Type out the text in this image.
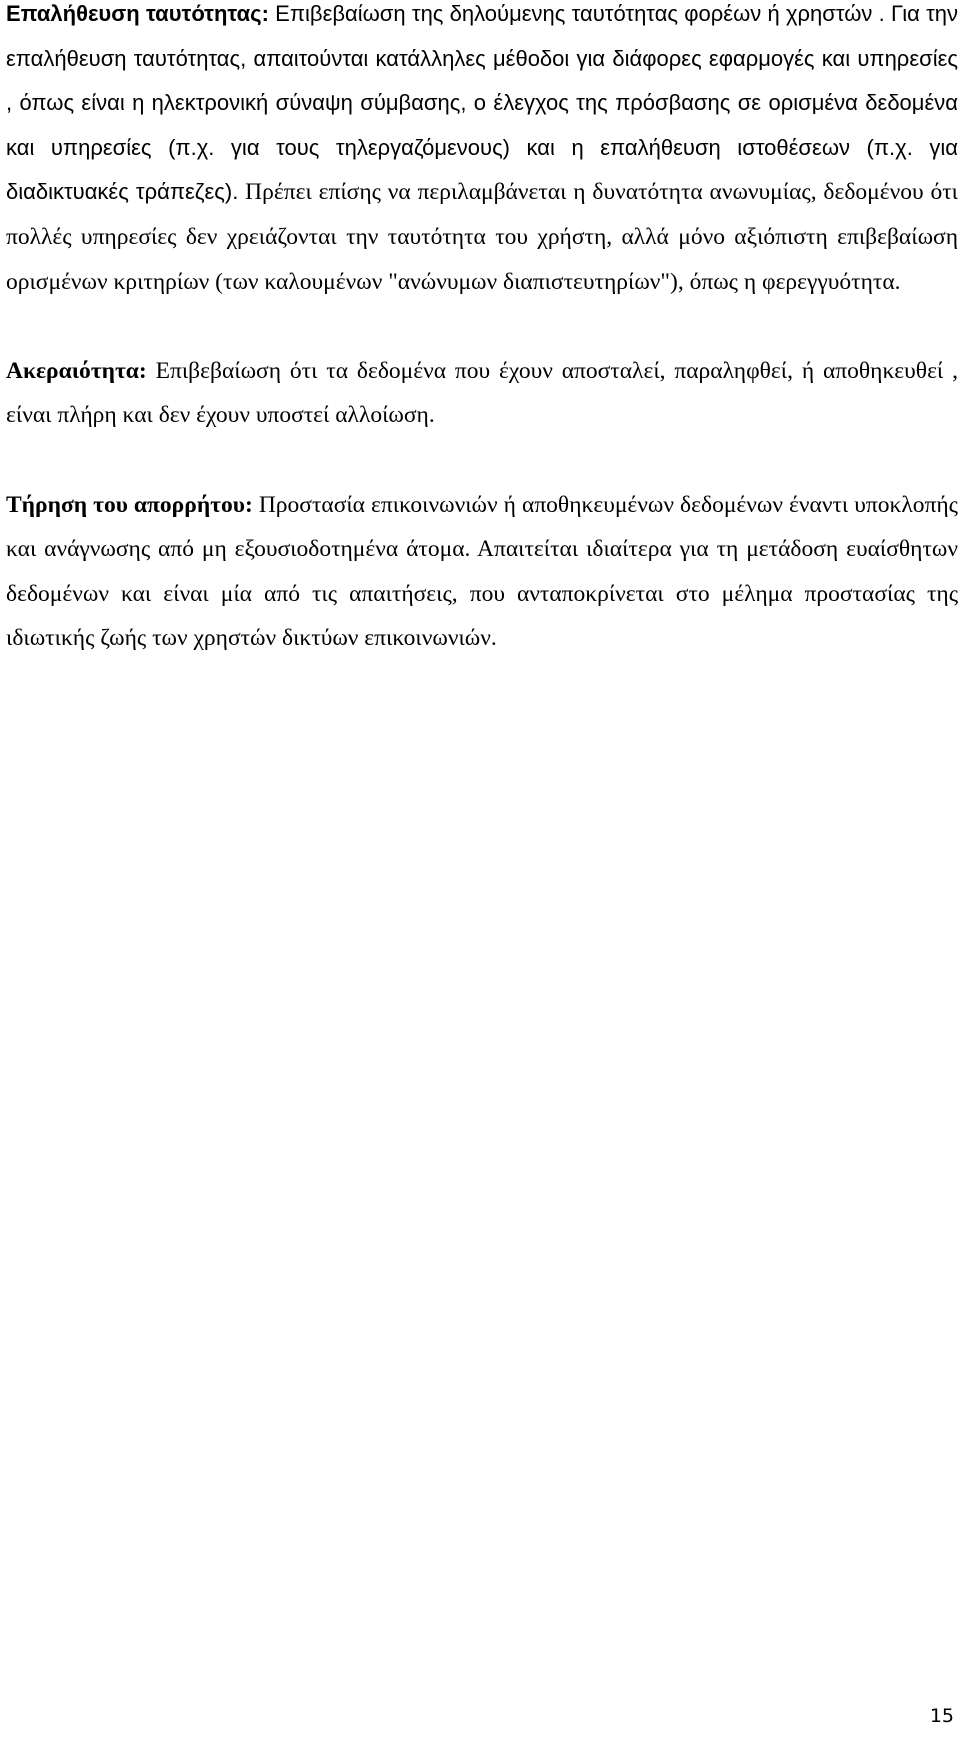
Επαλήθευση ταυτότητας: Επιβεβαίωση της δηλούμενης ταυτότητας φορέων ή χρηστών . Για την επαλήθευση ταυτότητας, απαιτούνται κατάλληλες μέθοδοι για διάφορες εφαρμογές και υπηρεσίες , όπως είναι η ηλεκτρονική σύναψη σύμβασης, ο έλεγχος της πρόσβασης σε ορισμένα δεδομένα και υπηρεσίες (π.χ. για τους τηλεργαζόμενους) και η επαλήθευση ιστοθέσεων (π.χ. για διαδικτυακές τράπεζες). Πρέπει επίσης να περιλαμβάνεται η δυνατότητα ανωνυμίας, δεδομένου ότι πολλές υπηρεσίες δεν χρειάζονται την ταυτότητα του χρήστη, αλλά μόνο αξιόπιστη επιβεβαίωση ορισμένων κριτηρίων (των καλουμένων "ανώνυμων διαπιστευτηρίων"), όπως η φερεγγυότητα.

Ακεραιότητα: Επιβεβαίωση ότι τα δεδομένα που έχουν αποσταλεί, παραληφθεί, ή αποθηκευθεί , είναι πλήρη και δεν έχουν υποστεί αλλοίωση.

Τήρηση του απορρήτου: Προστασία επικοινωνιών ή αποθηκευμένων δεδομένων έναντι υποκλοπής και ανάγνωσης από μη εξουσιοδοτημένα άτομα. Απαιτείται ιδιαίτερα για τη μετάδοση ευαίσθητων δεδομένων και είναι μία από τις απαιτήσεις, που ανταποκρίνεται στο μέλημα προστασίας της ιδιωτικής ζωής των χρηστών δικτύων επικοινωνιών.

15
